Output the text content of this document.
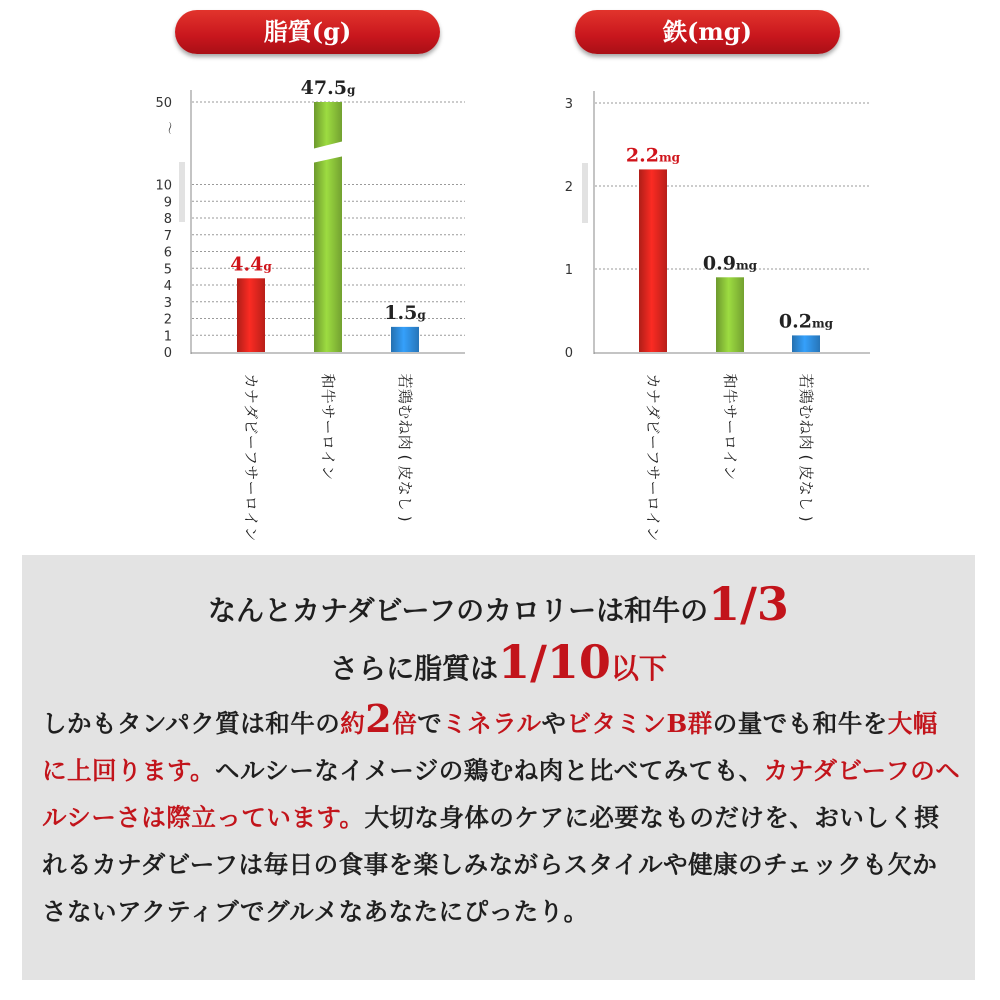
脂質(g)
0
1
2
3
4
5
6
7
8
9
10
50
〜
4.4g
カ
ナ
ダ
ビ
ー
フ
サ
ー
ロ
イ
ン
47.5g
和
牛
サ
ー
ロ
イ
ン
1.5g
若
鶏
む
ね
肉
(
皮
な
し
)
鉄(mg)
0
1
2
3
2.2mg
カ
ナ
ダ
ビ
ー
フ
サ
ー
ロ
イ
ン
0.9mg
和
牛
サ
ー
ロ
イ
ン
0.2mg
若
鶏
む
ね
肉
(
皮
な
し
)
なんとカナダビーフのカロリーは和牛の1/3
さらに脂質は1/10以下
しかもタンパク質は和牛の約2倍でミネラルやビタミンB群の量でも和牛を大幅に上回ります。ヘルシーなイメージの鶏むね肉と比べてみても、カナダビーフのヘルシーさは際立っています。大切な身体のケアに必要なものだけを、おいしく摂れるカナダビーフは毎日の食事を楽しみながらスタイルや健康のチェックも欠かさないアクティブでグルメなあなたにぴったり。
